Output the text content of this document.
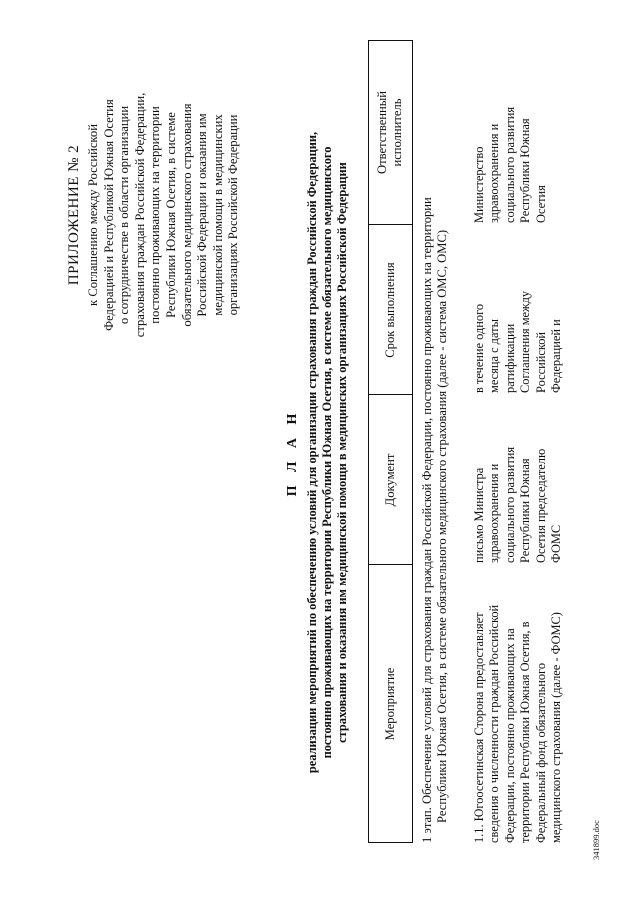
ПРИЛОЖЕНИЕ № 2 к Соглашению между Российской Федерацией и Республикой Южная Осетия о сотрудничестве в области организации страхования граждан Российской Федерации, постоянно проживающих на территории Республики Южная Осетия, в системе обязательного медицинского страхования Российской Федерации и оказания им медицинской помощи в медицинских организациях Российской Федерации
П Л А Н реализации мероприятий по обеспечению условий для организации страхования граждан Российской Федерации, постоянно проживающих на территории Республики Южная Осетия, в системе обязательного медицинского страхования и оказания им медицинской помощи в медицинских организациях Российской Федерации	Мероприятие
Документ
Срок выполнения
Ответственный исполнитель
1 этап. Обеспечение условий для страхования граждан Российской Федерации, постоянно проживающих на территории Республики Южная Осетия, в системе обязательного медицинского страхования (далее - система ОМС, ОМС) 1.1. Югоосетинская Сторона предоставляет сведения о численности граждан Российской Федерации, постоянно проживающих на территории Республики Южная Осетия, в Федеральный фонд обязательного медицинского страхования (далее - ФОМС)
письмо Министра здравоохранения и социального развития Республики Южная Осетия председателю ФОМС
в течение одного месяца с даты ратификации Соглашения между Российской Федерацией и
Министерство здравоохранения и социального развития Республики Южная Осетия
341899.doc
